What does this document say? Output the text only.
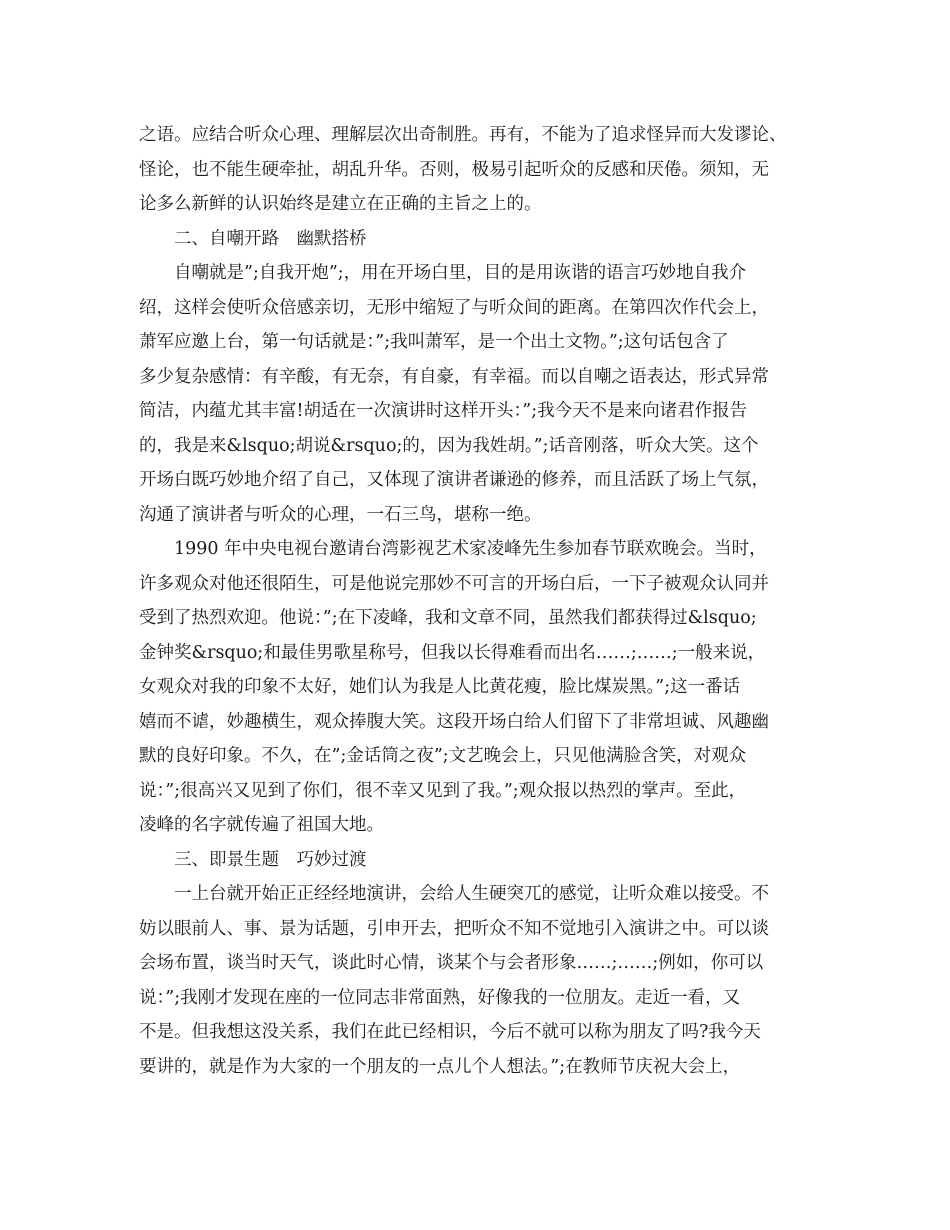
之语。应结合听众心理、理解层次出奇制胜。再有，不能为了追求怪异而大发谬论、
怪论，也不能生硬牵扯，胡乱升华。否则，极易引起听众的反感和厌倦。须知，无
论多么新鲜的认识始终是建立在正确的主旨之上的。
二、自嘲开路　幽默搭桥
自嘲就是”;自我开炮”;，用在开场白里，目的是用诙谐的语言巧妙地自我介
绍，这样会使听众倍感亲切，无形中缩短了与听众间的距离。在第四次作代会上，
萧军应邀上台，第一句话就是：”;我叫萧军，是一个出土文物。”;这句话包含了
多少复杂感情：有辛酸，有无奈，有自豪，有幸福。而以自嘲之语表达，形式异常
简洁，内蕴尤其丰富!胡适在一次演讲时这样开头：”;我今天不是来向诸君作报告
的，我是来&lsquo;胡说&rsquo;的，因为我姓胡。”;话音刚落，听众大笑。这个
开场白既巧妙地介绍了自己，又体现了演讲者谦逊的修养，而且活跃了场上气氛，
沟通了演讲者与听众的心理，一石三鸟，堪称一绝。
1990 年中央电视台邀请台湾影视艺术家凌峰先生参加春节联欢晚会。当时，
许多观众对他还很陌生，可是他说完那妙不可言的开场白后，一下子被观众认同并
受到了热烈欢迎。他说：”;在下凌峰，我和文章不同，虽然我们都获得过&lsquo;
金钟奖&rsquo;和最佳男歌星称号，但我以长得难看而出名……;……;一般来说，
女观众对我的印象不太好，她们认为我是人比黄花瘦，脸比煤炭黑。”;这一番话
嬉而不谑，妙趣横生，观众捧腹大笑。这段开场白给人们留下了非常坦诚、风趣幽
默的良好印象。不久，在”;金话筒之夜”;文艺晚会上，只见他满脸含笑，对观众
说：”;很高兴又见到了你们，很不幸又见到了我。”;观众报以热烈的掌声。至此，
凌峰的名字就传遍了祖国大地。
三、即景生题　巧妙过渡
一上台就开始正正经经地演讲，会给人生硬突兀的感觉，让听众难以接受。不
妨以眼前人、事、景为话题，引申开去，把听众不知不觉地引入演讲之中。可以谈
会场布置，谈当时天气，谈此时心情，谈某个与会者形象……;……;例如，你可以
说：”;我刚才发现在座的一位同志非常面熟，好像我的一位朋友。走近一看，又
不是。但我想这没关系，我们在此已经相识，今后不就可以称为朋友了吗?我今天
要讲的，就是作为大家的一个朋友的一点儿个人想法。”;在教师节庆祝大会上，
